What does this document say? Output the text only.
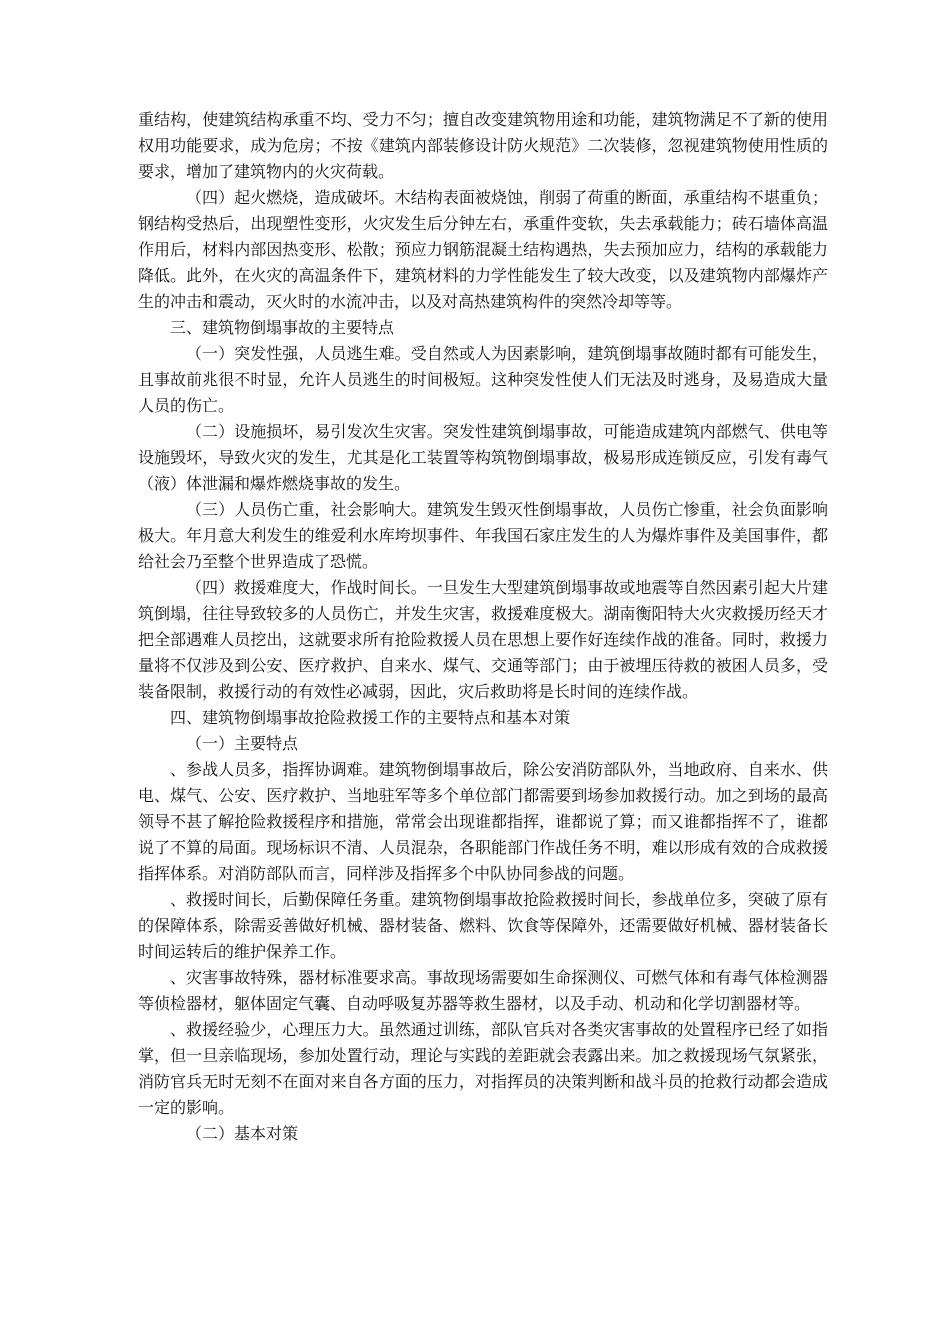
重结构，使建筑结构承重不均、受力不匀；擅自改变建筑物用途和功能，建筑物满足不了新的使用权用功能要求，成为危房；不按《建筑内部装修设计防火规范》二次装修，忽视建筑物使用性质的要求，增加了建筑物内的火灾荷载。

（四）起火燃烧，造成破坏。木结构表面被烧蚀，削弱了荷重的断面，承重结构不堪重负；钢结构受热后，出现塑性变形，火灾发生后分钟左右，承重件变软，失去承载能力；砖石墙体高温作用后，材料内部因热变形、松散；预应力钢筋混凝土结构遇热，失去预加应力，结构的承载能力降低。此外，在火灾的高温条件下，建筑材料的力学性能发生了较大改变，以及建筑物内部爆炸产生的冲击和震动，灭火时的水流冲击，以及对高热建筑构件的突然冷却等等。

三、建筑物倒塌事故的主要特点

（一）突发性强，人员逃生难。受自然或人为因素影响，建筑倒塌事故随时都有可能发生，且事故前兆很不时显，允许人员逃生的时间极短。这种突发性使人们无法及时逃身，及易造成大量人员的伤亡。

（二）设施损坏，易引发次生灾害。突发性建筑倒塌事故，可能造成建筑内部燃气、供电等设施毁坏，导致火灾的发生，尤其是化工装置等构筑物倒塌事故，极易形成连锁反应，引发有毒气（液）体泄漏和爆炸燃烧事故的发生。

（三）人员伤亡重，社会影响大。建筑发生毁灭性倒塌事故，人员伤亡惨重，社会负面影响极大。年月意大利发生的维爱利水库垮坝事件、年我国石家庄发生的人为爆炸事件及美国事件，都给社会乃至整个世界造成了恐慌。

（四）救援难度大，作战时间长。一旦发生大型建筑倒塌事故或地震等自然因素引起大片建筑倒塌，往往导致较多的人员伤亡，并发生灾害，救援难度极大。湖南衡阳特大火灾救援历经天才把全部遇难人员挖出，这就要求所有抢险救援人员在思想上要作好连续作战的准备。同时，救援力量将不仅涉及到公安、医疗救护、自来水、煤气、交通等部门；由于被埋压待救的被困人员多，受装备限制，救援行动的有效性必减弱，因此，灾后救助将是长时间的连续作战。

四、建筑物倒塌事故抢险救援工作的主要特点和基本对策

（一）主要特点

、参战人员多，指挥协调难。建筑物倒塌事故后，除公安消防部队外，当地政府、自来水、供电、煤气、公安、医疗救护、当地驻军等多个单位部门都需要到场参加救援行动。加之到场的最高领导不甚了解抢险救援程序和措施，常常会出现谁都指挥，谁都说了算；而又谁都指挥不了，谁都说了不算的局面。现场标识不清、人员混杂，各职能部门作战任务不明，难以形成有效的合成救援指挥体系。对消防部队而言，同样涉及指挥多个中队协同参战的问题。

、救援时间长，后勤保障任务重。建筑物倒塌事故抢险救援时间长，参战单位多，突破了原有的保障体系，除需妥善做好机械、器材装备、燃料、饮食等保障外，还需要做好机械、器材装备长时间运转后的维护保养工作。

、灾害事故特殊，器材标准要求高。事故现场需要如生命探测仪、可燃气体和有毒气体检测器等侦检器材，躯体固定气囊、自动呼吸复苏器等救生器材，以及手动、机动和化学切割器材等。

、救援经验少，心理压力大。虽然通过训练，部队官兵对各类灾害事故的处置程序已经了如指掌，但一旦亲临现场，参加处置行动，理论与实践的差距就会表露出来。加之救援现场气氛紧张，消防官兵无时无刻不在面对来自各方面的压力，对指挥员的决策判断和战斗员的抢救行动都会造成一定的影响。

（二）基本对策
